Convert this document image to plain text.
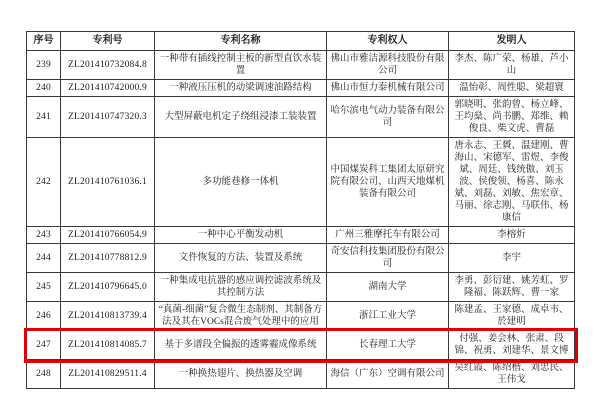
序号	专利号	专利名称	专利权人	发明人
239	ZL201410732084.8	一种带有插线控制主板的新型直饮水装置	佛山市雅洁源科技股份有限公司	李杰、陈广荣、杨雄、芦小山
240	ZL201410742000.9	一种液压压机的动梁调速油路结构	佛山市恒力泰机械有限公司	温怡彰、周性聪、梁超寰
241	ZL201410747320.3	大型屏蔽电机定子绕组浸漆工装装置	哈尔滨电气动力装备有限公司	郭晓明、张韵曾、杨立峰、王均燊、尚书鹏、郑维、赖俊良、柴文虎、曹磊
242	ZL201410761036.1	多功能巷修一体机	中国煤炭科工集团太原研究院有限公司、山西天地煤机装备有限公司	唐永志、王贇、温建刚、曹海山、宋德军、雷煜、李俊斌、周廷、钱统傲、刘玉波、侯俊领、杨喜、陈永斌、刘磊、刘敏、焦宏章、马丽、徐志刚、马联伟、杨康信
243	ZL201410766054.9	一种中心平衡发动机	广州三雅摩托车有限公司	李榕炘
244	ZL201410778812.9	文件恢复的方法、装置及系统	奇安信科技集团股份有限公司	李宇
245	ZL201410796645.0	一种集成电抗器的感应调控滤波系统及其控制方法	湖南大学	李勇、彭衍建、姚芳虹、罗隆福、陈跃辉、曹一家
246	ZL201410813739.4	“真菌-细菌”复合微生态制剂、其制备方法及其在VOCs混合废气处理中的应用	浙江工业大学	陈建孟、王家德、成卓韦、於建明
247	ZL201410814085.7	基于多谱段全偏振的透雾霾成像系统	长春理工大学	付强、姜会林、张肃、段锦、祝勇、刘建华、景文博
248	ZL201410829511.4	一种换热翅片、换热器及空调	海信（广东）空调有限公司	吴红霞、陈绍楷、刘忠民、王伟戈
